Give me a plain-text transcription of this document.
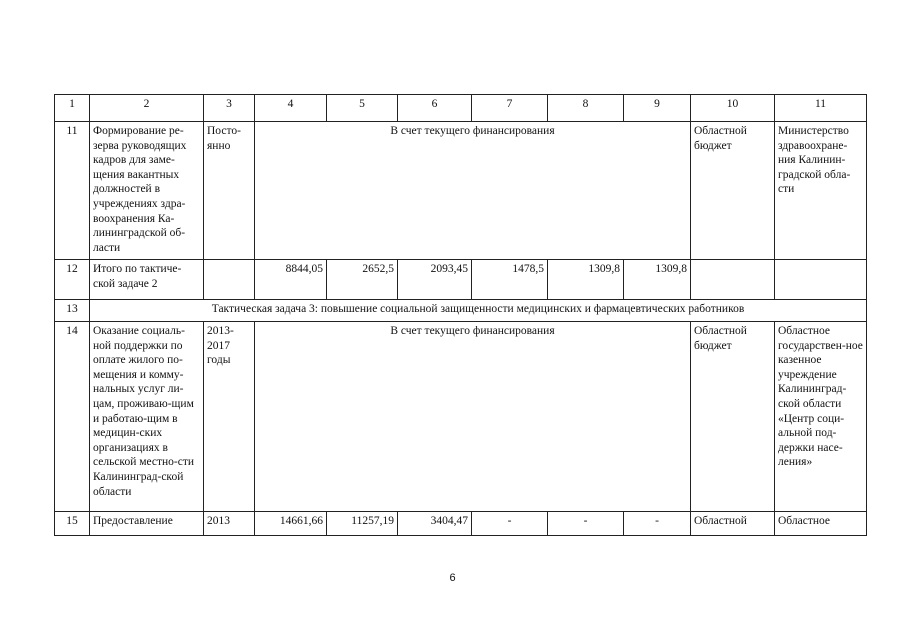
1	2	3	4	5	6	7	8	9	10	11
11	Формирование ре-зерва руководящих кадров для заме-щения вакантных должностей в учреждениях здра-воохранения Ка-лининградской об-ласти	Посто-янно	В счет текущего финансирования						Областной бюджет	Министерство здравоохране-ния Калинин-градской обла-сти
12	Итого по тактиче-ской задаче 2		8844,05	2652,5	2093,45	1478,5	1309,8	1309,8		
13	Тактическая задача 3: повышение социальной защищенности медицинских и фармацевтических работников									
14	Оказание социаль-ной поддержки по оплате жилого по-мещения и комму-нальных услуг ли-цам, проживаю-щим и работаю-щим в медицин-ских организациях в сельской местно-сти Калининград-ской области	2013-2017 годы	В счет текущего финансирования						Областной бюджет	Областное государствен-ное казенное учреждение Калининград-ской области «Центр соци-альной под-держки насе-ления»
15	Предоставление	2013	14661,66	11257,19	3404,47	-	-	-	Областной	Областное
6
